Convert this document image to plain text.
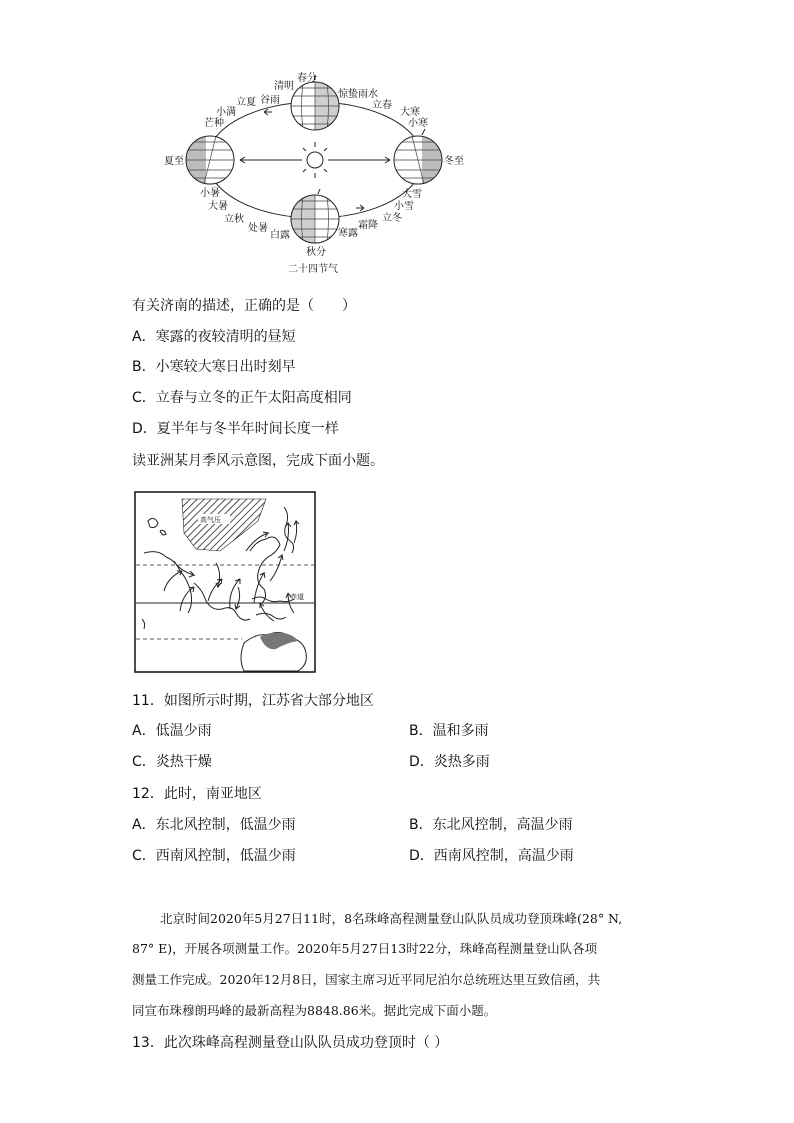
春分
清明
谷雨
立夏
小满
芒种
夏至
小暑
大暑
立秋
处暑
白露
秋分
寒露
霜降
立冬
小雪
大雪
冬至
小寒
大寒
立春
惊蛰雨水
二十四节气
有关济南的描述，正确的是（　　）
A．寒露的夜较清明的昼短
B．小寒较大寒日出时刻早
C．立春与立冬的正午太阳高度相同
D．夏半年与冬半年时间长度一样
读亚洲某月季风示意图，完成下面小题。
高气压
赤道
11．如图所示时期，江苏省大部分地区
A．低温少雨	B．温和多雨
C．炎热干燥	D．炎热多雨
12．此时，南亚地区
A．东北风控制，低温少雨	B．东北风控制，高温少雨
C．西南风控制，低温少雨	D．西南风控制，高温少雨
北京时间2020年5月27日11时，8名珠峰高程测量登山队队员成功登顶珠峰(28° N,
87° E)，开展各项测量工作。2020年5月27日13时22分，珠峰高程测量登山队各项
测量工作完成。2020年12月8日，国家主席习近平同尼泊尔总统班达里互致信函，共
同宣布珠穆朗玛峰的最新高程为8848.86米。据此完成下面小题。
13．此次珠峰高程测量登山队队员成功登顶时（ ）
